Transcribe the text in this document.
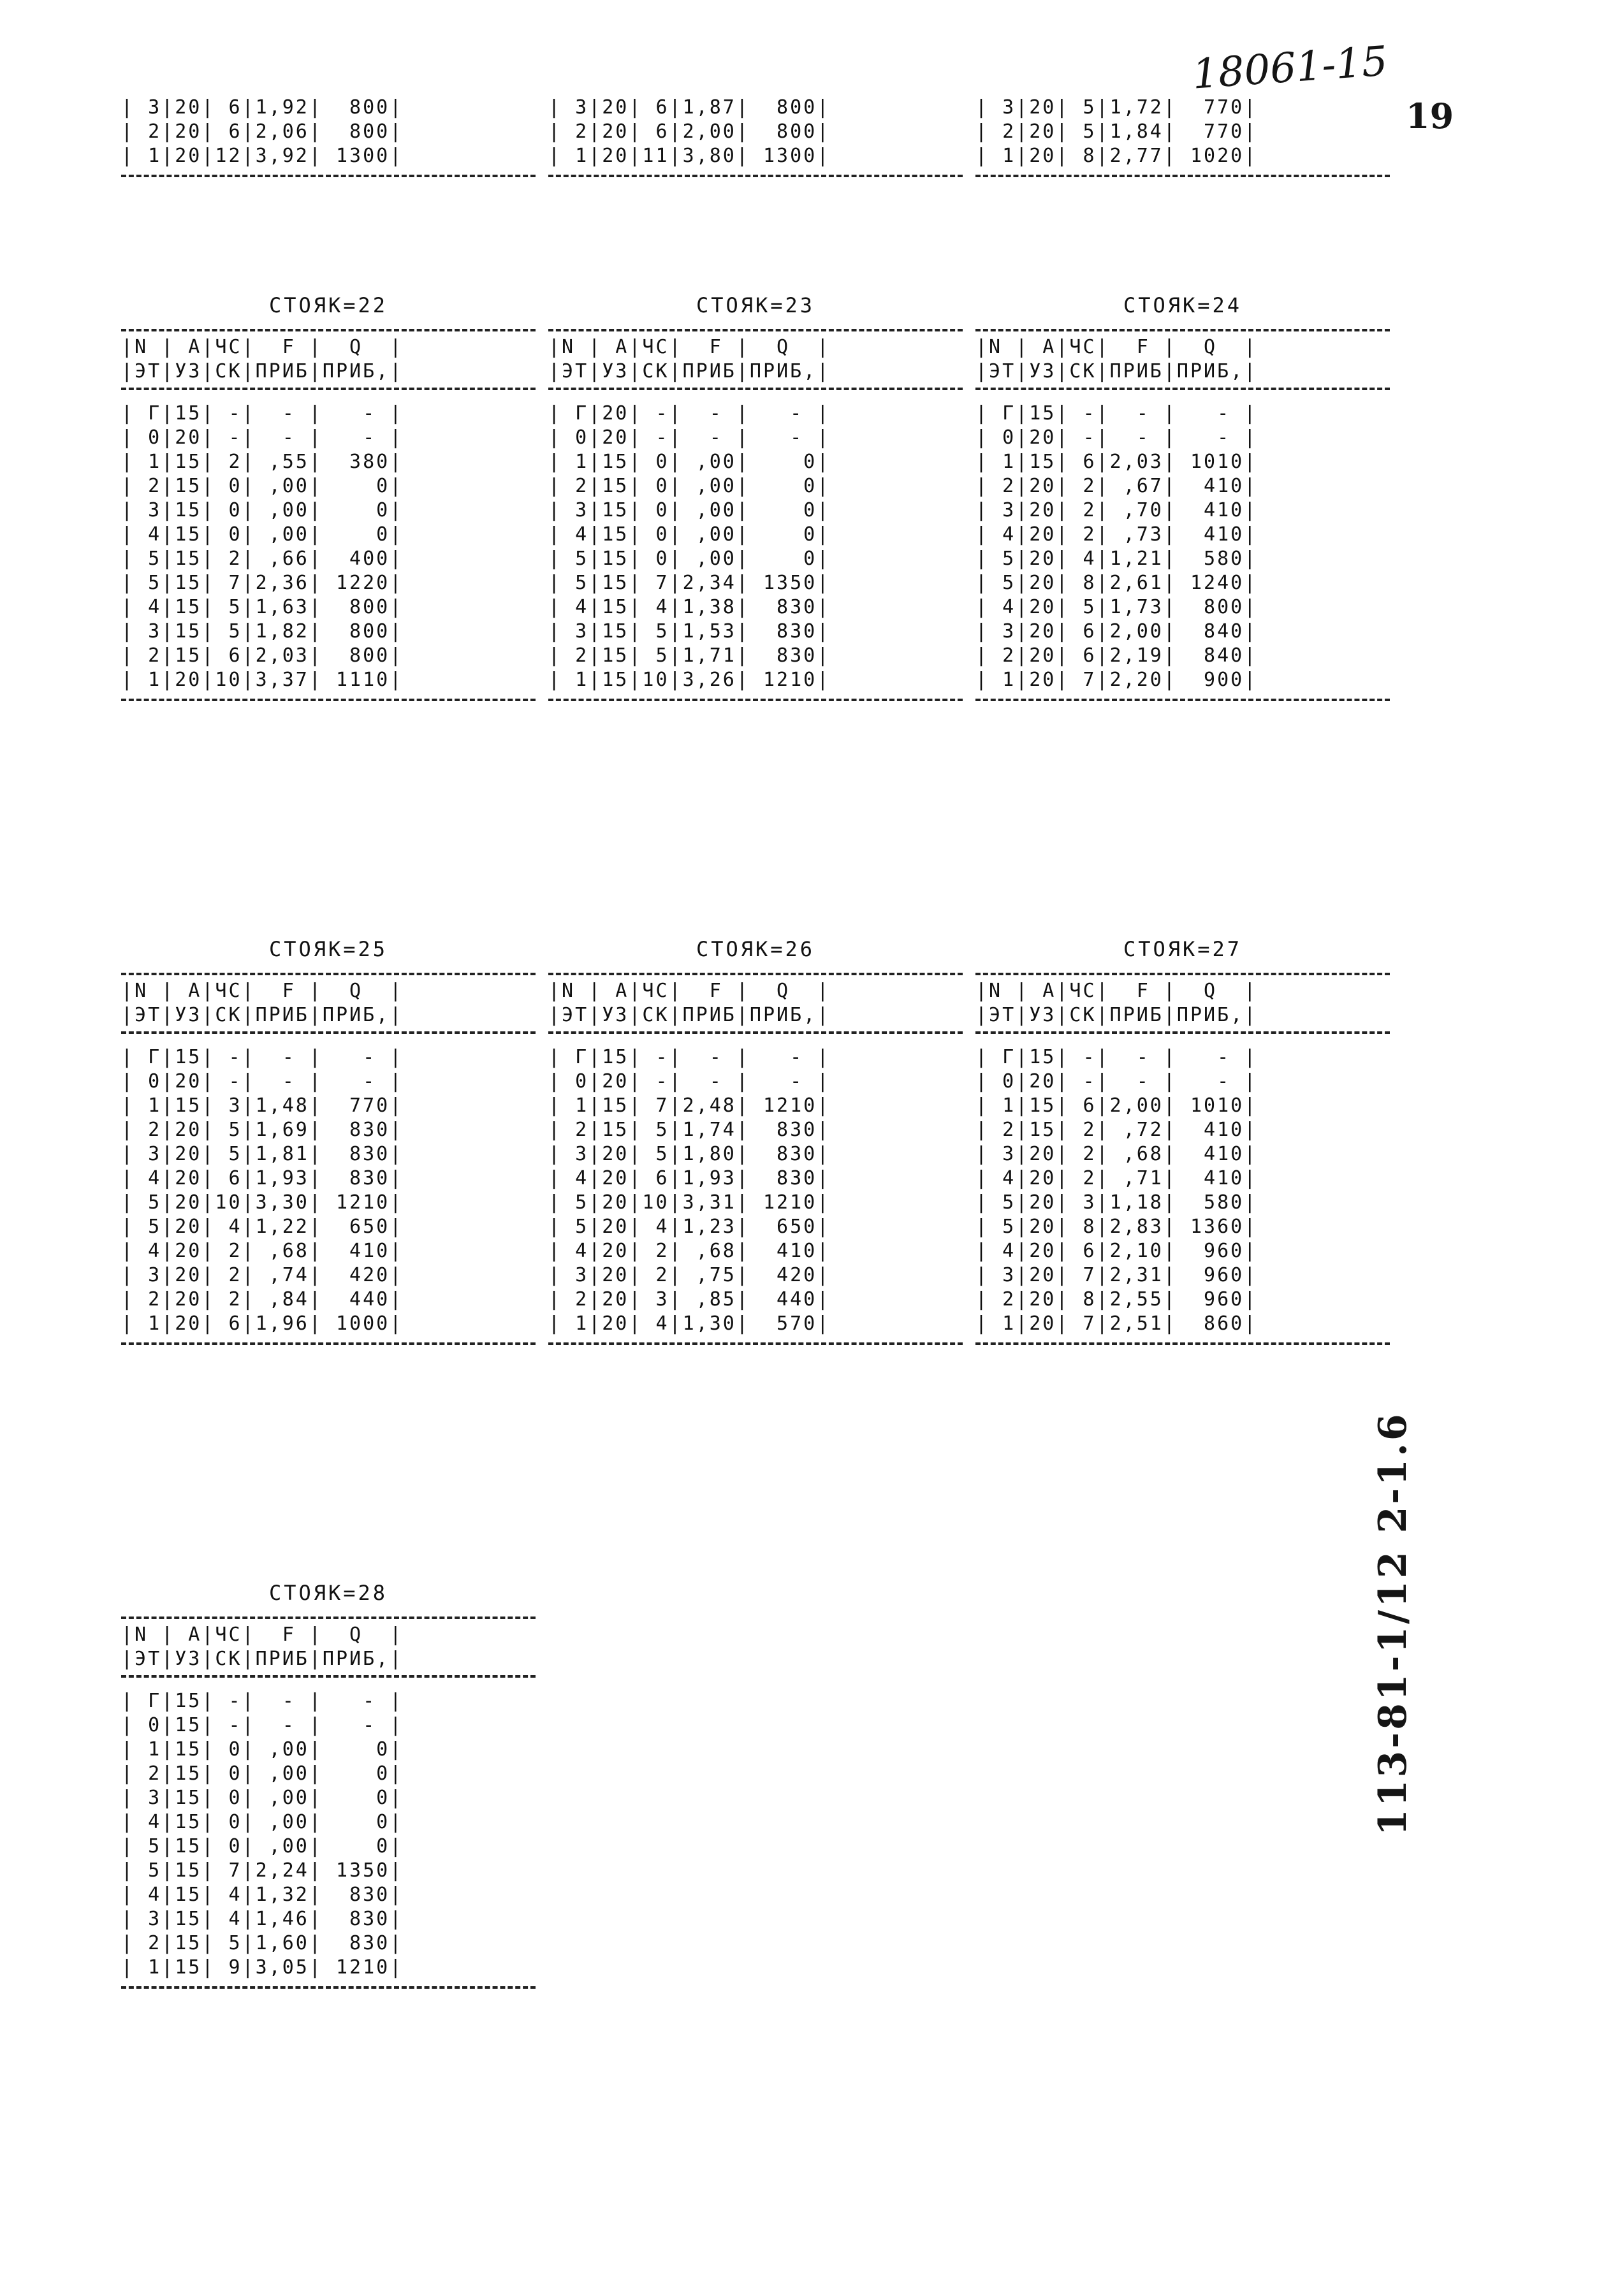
18061-15
19
113-81-1/12 2-1.6
| 3|20| 6|1,92|  800|
| 2|20| 6|2,06|  800|
| 1|20|12|3,92| 1300|
| 3|20| 6|1,87|  800|
| 2|20| 6|2,00|  800|
| 1|20|11|3,80| 1300|
| 3|20| 5|1,72|  770|
| 2|20| 5|1,84|  770|
| 1|20| 8|2,77| 1020|
СТОЯК=22
|N | А|ЧС|  F |  Q  |
|ЭТ|УЗ|СК|ПРИБ|ПРИБ,|
| Г|15| -|  - |   - |
| 0|20| -|  - |   - |
| 1|15| 2| ,55|  380|
| 2|15| 0| ,00|    0|
| 3|15| 0| ,00|    0|
| 4|15| 0| ,00|    0|
| 5|15| 2| ,66|  400|
| 5|15| 7|2,36| 1220|
| 4|15| 5|1,63|  800|
| 3|15| 5|1,82|  800|
| 2|15| 6|2,03|  800|
| 1|20|10|3,37| 1110|
СТОЯК=23
|N | А|ЧС|  F |  Q  |
|ЭТ|УЗ|СК|ПРИБ|ПРИБ,|
| Г|20| -|  - |   - |
| 0|20| -|  - |   - |
| 1|15| 0| ,00|    0|
| 2|15| 0| ,00|    0|
| 3|15| 0| ,00|    0|
| 4|15| 0| ,00|    0|
| 5|15| 0| ,00|    0|
| 5|15| 7|2,34| 1350|
| 4|15| 4|1,38|  830|
| 3|15| 5|1,53|  830|
| 2|15| 5|1,71|  830|
| 1|15|10|3,26| 1210|
СТОЯК=24
|N | А|ЧС|  F |  Q  |
|ЭТ|УЗ|СК|ПРИБ|ПРИБ,|
| Г|15| -|  - |   - |
| 0|20| -|  - |   - |
| 1|15| 6|2,03| 1010|
| 2|20| 2| ,67|  410|
| 3|20| 2| ,70|  410|
| 4|20| 2| ,73|  410|
| 5|20| 4|1,21|  580|
| 5|20| 8|2,61| 1240|
| 4|20| 5|1,73|  800|
| 3|20| 6|2,00|  840|
| 2|20| 6|2,19|  840|
| 1|20| 7|2,20|  900|
СТОЯК=25
|N | А|ЧС|  F |  Q  |
|ЭТ|УЗ|СК|ПРИБ|ПРИБ,|
| Г|15| -|  - |   - |
| 0|20| -|  - |   - |
| 1|15| 3|1,48|  770|
| 2|20| 5|1,69|  830|
| 3|20| 5|1,81|  830|
| 4|20| 6|1,93|  830|
| 5|20|10|3,30| 1210|
| 5|20| 4|1,22|  650|
| 4|20| 2| ,68|  410|
| 3|20| 2| ,74|  420|
| 2|20| 2| ,84|  440|
| 1|20| 6|1,96| 1000|
СТОЯК=26
|N | А|ЧС|  F |  Q  |
|ЭТ|УЗ|СК|ПРИБ|ПРИБ,|
| Г|15| -|  - |   - |
| 0|20| -|  - |   - |
| 1|15| 7|2,48| 1210|
| 2|15| 5|1,74|  830|
| 3|20| 5|1,80|  830|
| 4|20| 6|1,93|  830|
| 5|20|10|3,31| 1210|
| 5|20| 4|1,23|  650|
| 4|20| 2| ,68|  410|
| 3|20| 2| ,75|  420|
| 2|20| 3| ,85|  440|
| 1|20| 4|1,30|  570|
СТОЯК=27
|N | А|ЧС|  F |  Q  |
|ЭТ|УЗ|СК|ПРИБ|ПРИБ,|
| Г|15| -|  - |   - |
| 0|20| -|  - |   - |
| 1|15| 6|2,00| 1010|
| 2|15| 2| ,72|  410|
| 3|20| 2| ,68|  410|
| 4|20| 2| ,71|  410|
| 5|20| 3|1,18|  580|
| 5|20| 8|2,83| 1360|
| 4|20| 6|2,10|  960|
| 3|20| 7|2,31|  960|
| 2|20| 8|2,55|  960|
| 1|20| 7|2,51|  860|
СТОЯК=28
|N | А|ЧС|  F |  Q  |
|ЭТ|УЗ|СК|ПРИБ|ПРИБ,|
| Г|15| -|  - |   - |
| 0|15| -|  - |   - |
| 1|15| 0| ,00|    0|
| 2|15| 0| ,00|    0|
| 3|15| 0| ,00|    0|
| 4|15| 0| ,00|    0|
| 5|15| 0| ,00|    0|
| 5|15| 7|2,24| 1350|
| 4|15| 4|1,32|  830|
| 3|15| 4|1,46|  830|
| 2|15| 5|1,60|  830|
| 1|15| 9|3,05| 1210|
